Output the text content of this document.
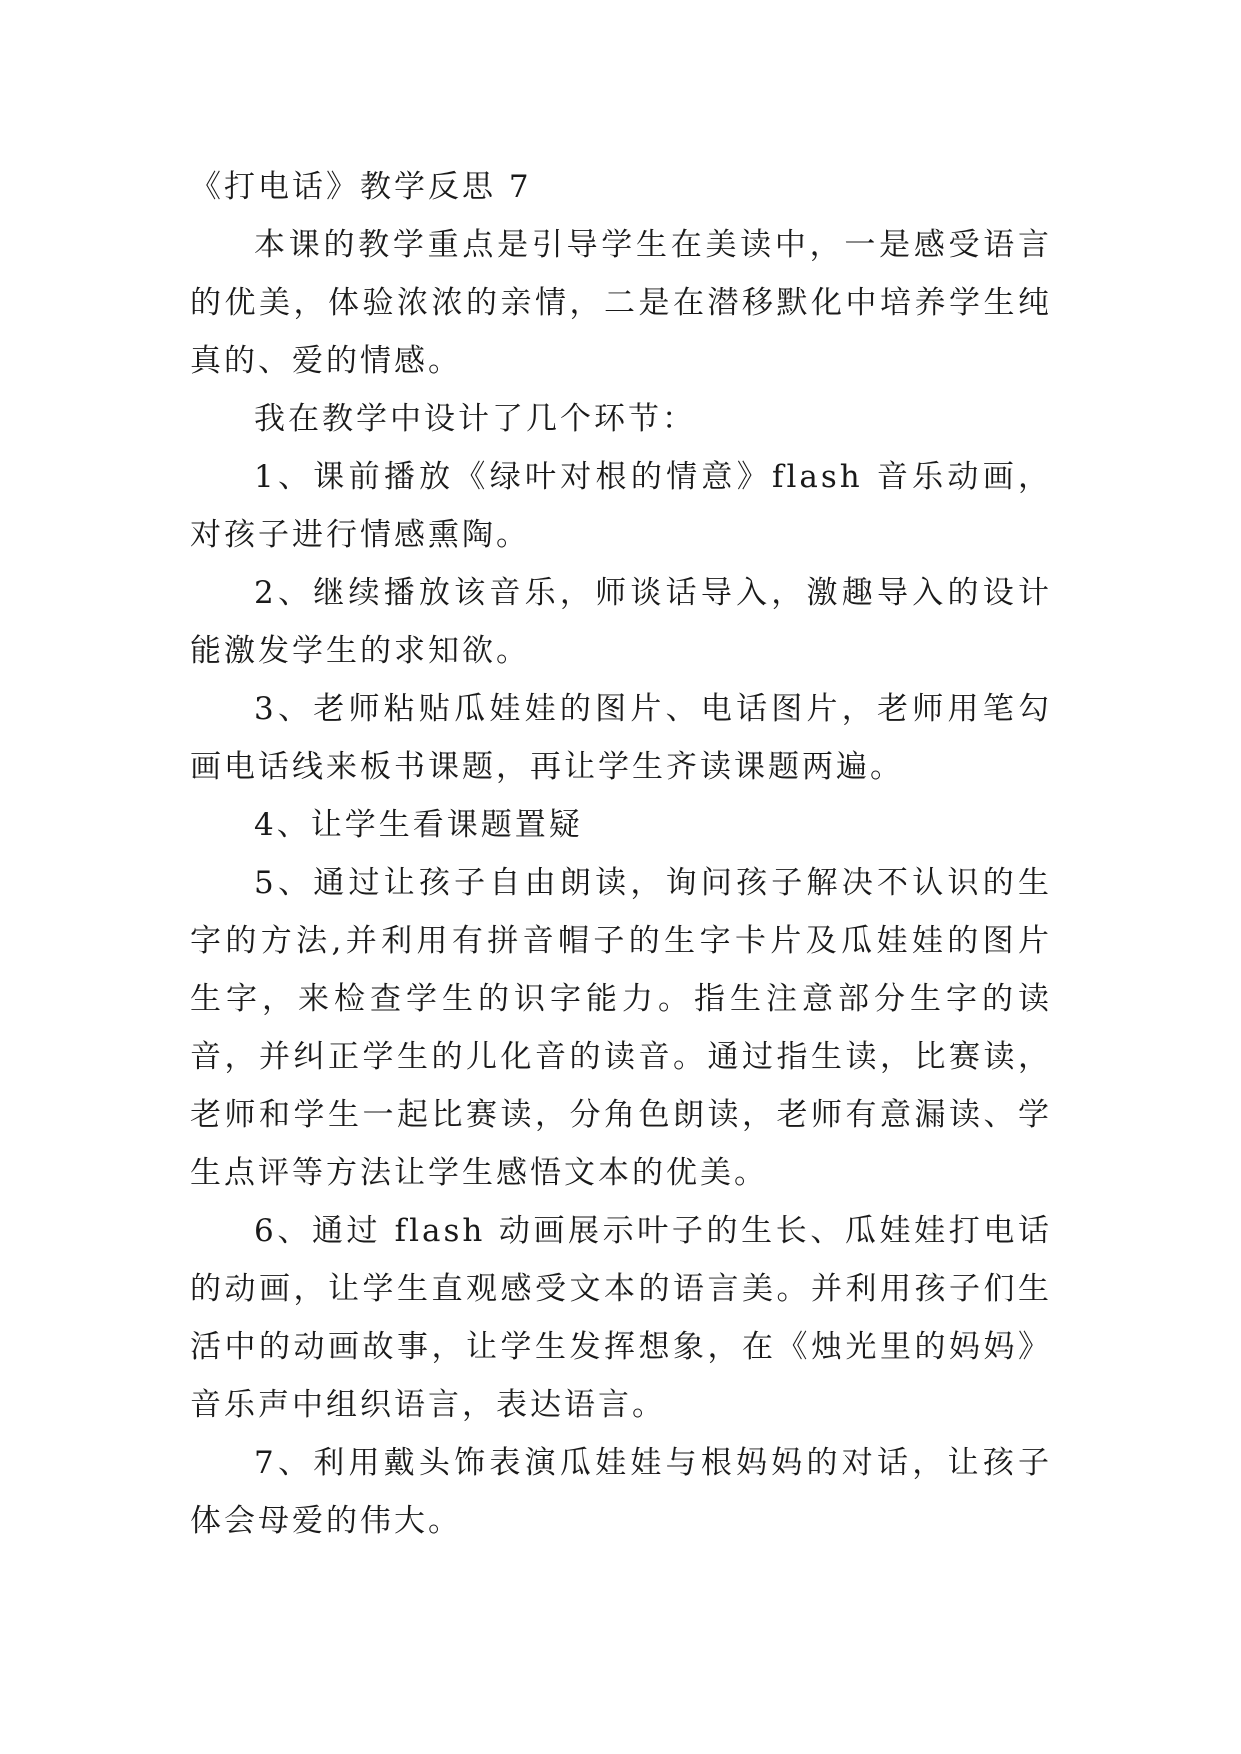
《打电话》教学反思 7

本课的教学重点是引导学生在美读中，一是感受语言的优美，体验浓浓的亲情，二是在潜移默化中培养学生纯真的、爱的情感。

我在教学中设计了几个环节：

1、课前播放《绿叶对根的情意》flash 音乐动画，对孩子进行情感熏陶。

2、继续播放该音乐，师谈话导入，激趣导入的设计能激发学生的求知欲。

3、老师粘贴瓜娃娃的图片、电话图片，老师用笔勾画电话线来板书课题，再让学生齐读课题两遍。

4、让学生看课题置疑

5、通过让孩子自由朗读，询问孩子解决不认识的生字的方法,并利用有拼音帽子的生字卡片及瓜娃娃的图片生字，来检查学生的识字能力。指生注意部分生字的读音，并纠正学生的儿化音的读音。通过指生读，比赛读，老师和学生一起比赛读，分角色朗读，老师有意漏读、学生点评等方法让学生感悟文本的优美。

6、通过 flash 动画展示叶子的生长、瓜娃娃打电话的动画，让学生直观感受文本的语言美。并利用孩子们生活中的动画故事，让学生发挥想象，在《烛光里的妈妈》音乐声中组织语言，表达语言。

7、利用戴头饰表演瓜娃娃与根妈妈的对话，让孩子体会母爱的伟大。
